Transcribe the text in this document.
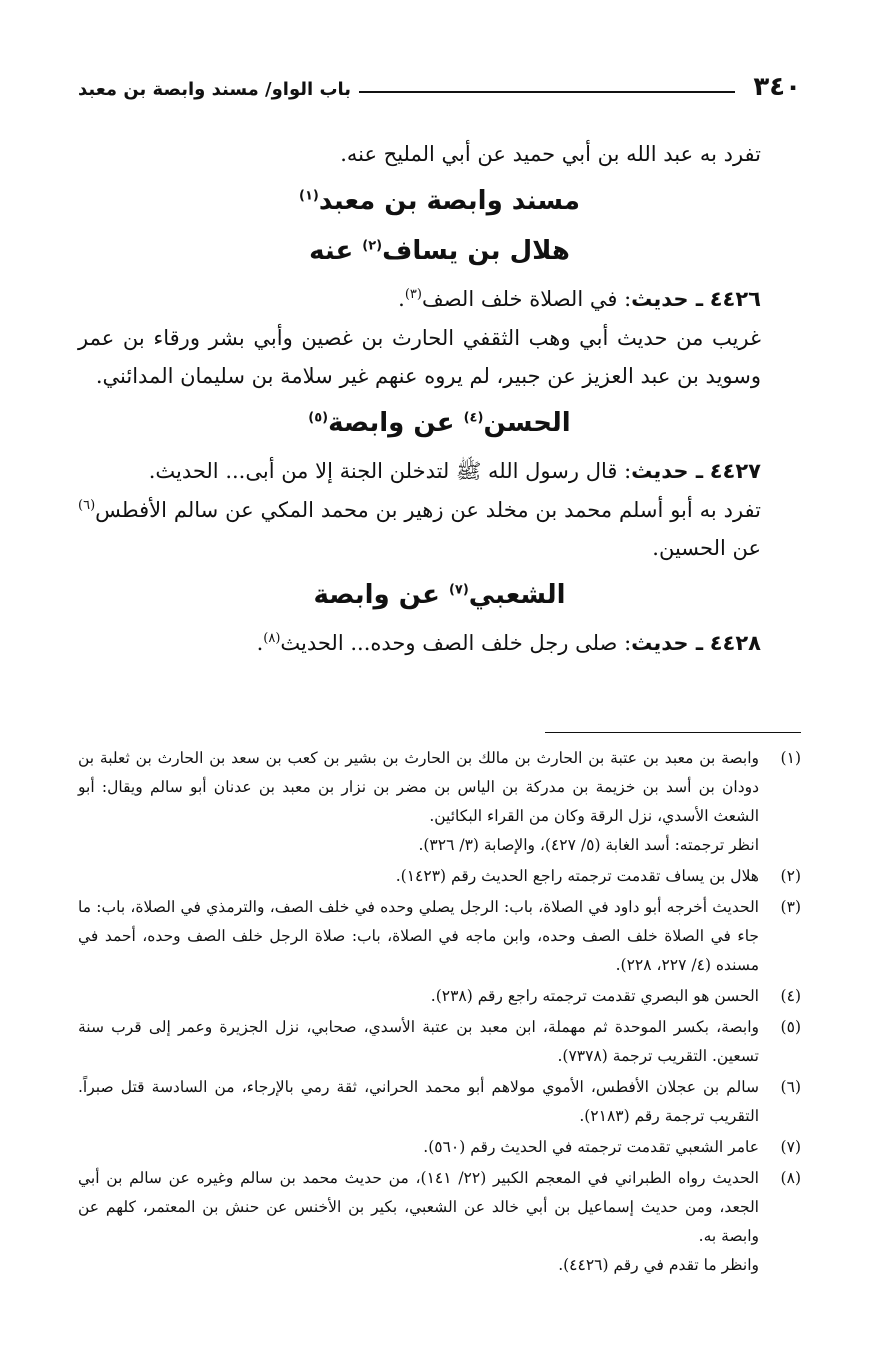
٣٤٠
باب الواو/ مسند وابصة بن معبد

تفرد به عبد الله بن أبي حميد عن أبي المليح عنه.

مسند وابصة بن معبد$^{(١)}$
هلال بن يساف$^{(٢)}$ عنه

٤٤٢٦ ـ حديث: في الصلاة خلف الصف$^{(٣)}$.

غريب من حديث أبي وهب الثقفي الحارث بن غصين وأبي بشر ورقاء بن عمر وسويد بن عبد العزيز عن جبير، لم يروه عنهم غير سلامة بن سليمان المدائني.

الحسن$^{(٤)}$ عن وابصة$^{(٥)}$

٤٤٢٧ ـ حديث: قال رسول الله ﷺ لتدخلن الجنة إلا من أبى... الحديث.

تفرد به أبو أسلم محمد بن مخلد عن زهير بن محمد المكي عن سالم الأفطس$^{(٦)}$ عن الحسين.

الشعبي$^{(٧)}$ عن وابصة

٤٤٢٨ ـ حديث: صلى رجل خلف الصف وحده... الحديث$^{(٨)}$.

(١)
وابصة بن معبد بن عتبة بن الحارث بن مالك بن الحارث بن بشير بن كعب بن سعد بن الحارث بن ثعلبة بن دودان بن أسد بن خزيمة بن مدركة بن الياس بن مضر بن نزار بن معبد بن عدنان أبو سالم ويقال: أبو الشعث الأسدي، نزل الرقة وكان من القراء البكائين.
انظر ترجمته: أسد الغابة (٥/ ٤٢٧)، والإصابة (٣/ ٣٢٦).
(٢)
هلال بن يساف تقدمت ترجمته راجع الحديث رقم (١٤٢٣).
(٣)
الحديث أخرجه أبو داود في الصلاة، باب: الرجل يصلي وحده في خلف الصف، والترمذي في الصلاة، باب: ما جاء في الصلاة خلف الصف وحده، وابن ماجه في الصلاة، باب: صلاة الرجل خلف الصف وحده، أحمد في مسنده (٤/ ٢٢٧، ٢٢٨).
(٤)
الحسن هو البصري تقدمت ترجمته راجع رقم (٢٣٨).
(٥)
وابصة، بكسر الموحدة ثم مهملة، ابن معبد بن عتبة الأسدي، صحابي، نزل الجزيرة وعمر إلى قرب سنة تسعين. التقريب ترجمة (٧٣٧٨).
(٦)
سالم بن عجلان الأفطس، الأموي مولاهم أبو محمد الحراني، ثقة رمي بالإرجاء، من السادسة قتل صبراً. التقريب ترجمة رقم (٢١٨٣).
(٧)
عامر الشعبي تقدمت ترجمته في الحديث رقم (٥٦٠).
(٨)
الحديث رواه الطبراني في المعجم الكبير (٢٢/ ١٤١)، من حديث محمد بن سالم وغيره عن سالم بن أبي الجعد، ومن حديث إسماعيل بن أبي خالد عن الشعبي، بكير بن الأخنس عن حنش بن المعتمر، كلهم عن وابصة به.
وانظر ما تقدم في رقم (٤٤٢٦).
